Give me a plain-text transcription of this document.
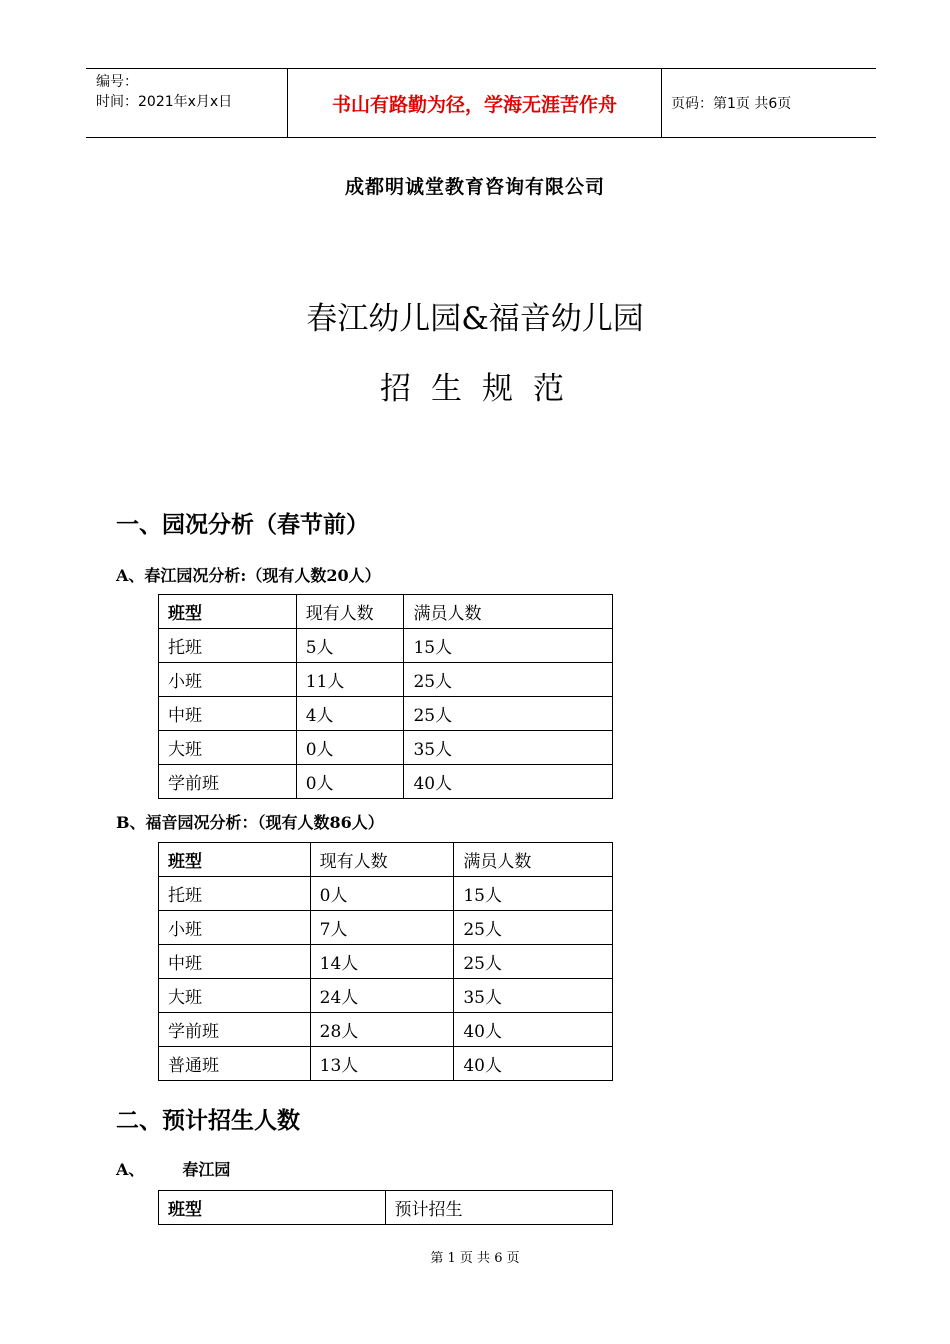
编号：
时间：2021年x月x日	书山有路勤为径，学海无涯苦作舟	页码：第1页 共6页
成都明诚堂教育咨询有限公司
春江幼儿园&福音幼儿园
招生规范
一、园况分析（春节前）
A、春江园况分析:（现有人数20人）
班型	现有人数	满员人数
托班	5人	15人
小班	11人	25人
中班	4人	25人
大班	0人	35人
学前班	0人	40人
B、福音园况分析：（现有人数86人）
班型	现有人数	满员人数
托班	0人	15人
小班	7人	25人
中班	14人	25人
大班	24人	35人
学前班	28人	40人
普通班	13人	40人
二、预计招生人数
A、 春江园
班型	预计招生
第 1 页 共 6 页
